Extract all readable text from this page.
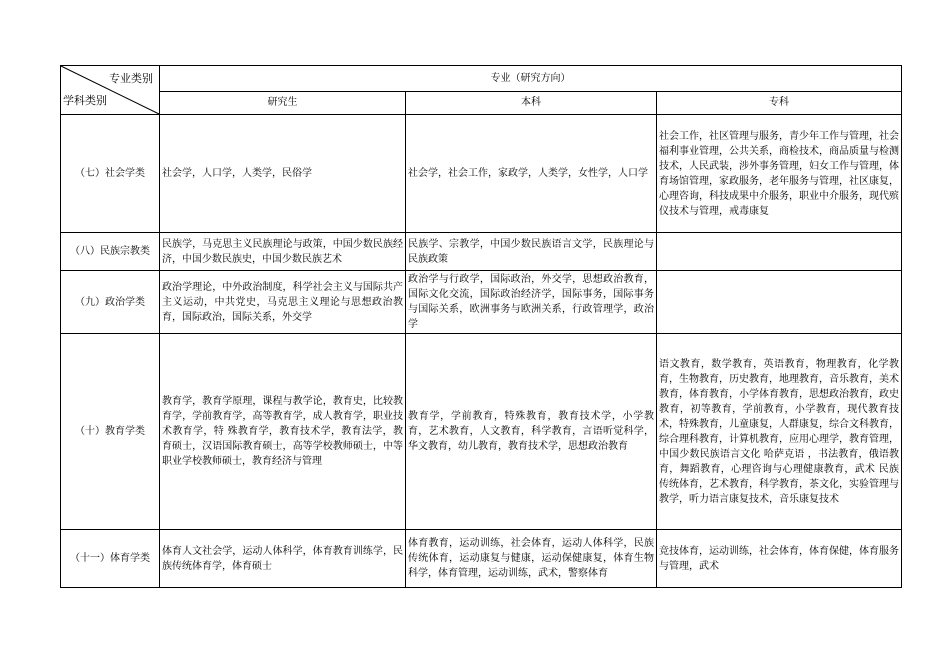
专业类别
学科类别	专业（研究方向）		
	研究生	本科	专科
（七）社会学类	社会学，人口学，人类学，民俗学	社会学，社会工作，家政学，人类学，女性学，人口学	社会工作，社区管理与服务，青少年工作与管理，社会福利事业管理，公共关系，商检技术，商品质量与检测技术，人民武装，涉外事务管理，妇女工作与管理，体育场馆管理，家政服务，老年服务与管理，社区康复，心理咨询，科技成果中介服务，职业中介服务，现代殡仪技术与管理，戒毒康复

（八）民族宗教类	民族学，马克思主义民族理论与政策，中国少数民族经济，中国少数民族史，中国少数民族艺术	民族学、宗教学，中国少数民族语言文学，民族理论与民族政策	

（九）政治学类	政治学理论，中外政治制度，科学社会主义与国际共产主义运动，中共党史，马克思主义理论与思想政治教育，国际政治，国际关系，外交学	政治学与行政学，国际政治，外交学，思想政治教育，国际文化交流，国际政治经济学，国际事务，国际事务与国际关系，欧洲事务与欧洲关系，行政管理学，政治学	

（十）教育学类	教育学，教育学原理，课程与教学论，教育史，比较教育学，学前教育学，高等教育学，成人教育学，职业技术教育学，特 殊教育学，教育技术学，教育法学，教育硕士，汉语国际教育硕士，高等学校教师硕士，中等职业学校教师硕士，教育经济与管理	教育学，学前教育，特殊教育，教育技术学，小学教育，艺术教育，人文教育，科学教育，言语听觉科学，华文教育，幼儿教育，教育技术学，思想政治教育	语文教育，数学教育，英语教育，物理教育，化学教育，生物教育，历史教育，地理教育，音乐教育，美术教育，体育教育，小学体育教育，思想政治教育，政史教育，初等教育，学前教育，小学教育，现代教育技术，特殊教育，儿童康复，人群康复，综合文科教育，综合理科教育，计算机教育，应用心理学，教育管理，中国少数民族语言文化 哈萨克语 ，书法教育，俄语教育，舞蹈教育，心理咨询与心理健康教育，武术 民族传统体育，艺术教育，科学教育，茶文化，实验管理与教学，听力语言康复技术，音乐康复技术

（十一）体育学类	体育人文社会学，运动人体科学，体育教育训练学，民族传统体育学，体育硕士	体育教育，运动训练，社会体育，运动人体科学，民族传统体育，运动康复与健康，运动保健康复，体育生物科学，体育管理，运动训练，武术，警察体育	竞技体育，运动训练，社会体育，体育保健，体育服务与管理，武术
